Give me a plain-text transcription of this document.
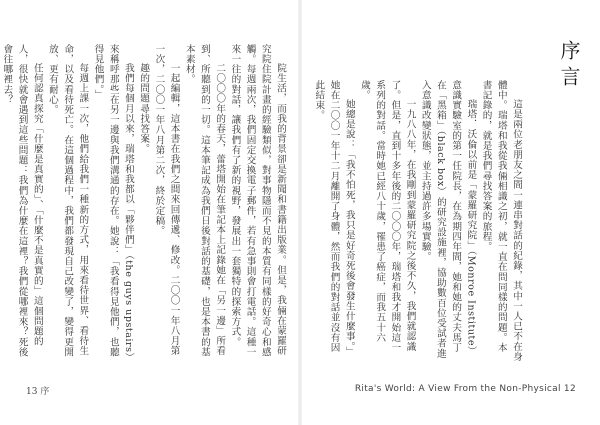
院生活，而我的背景卻是新聞和書籍出版業。但是，我倆在蒙羅研究院住院計畫的經驗類似，對事物隱而不見的本質有同樣的好奇心和感觸。每週兩次，我們固定交換電子郵件，若有急事則會打電話。這種一來一往的對話，讓我們有了新的視野，發展出一套獨特的探索方式。

二〇〇〇年的春天，蕾塔開始在筆記本上記錄她在「另一邊」所看到、所聽到的一切。這本筆記成為我們日後對話的基礎，也是本書的基本素材。

一起編輯，這本書在我們之間來回傳遞、修改。二〇〇一年八月第一次，二〇〇一年八月第二次，終於定稿。

趣的問題尋找答案。

我們每個月以來，瑞塔和我都以「夥伴們」（the guys upstairs）來稱呼那些在另一邊與我們溝通的存在。她說：「我看得見他們，也聽得見他們。」

每週上課一次，他們給我們一種新的方式，用來看待世界、看待生命，以及看待死亡。在這個過程中，我們都發現自己改變了，變得更開放、更有耐心。

任何認真探究「什麼是真實的」、「什麼不是真實的」這個問題的人，很快就會遇到這些問題：我們為什麼在這裡？我們從哪裡來？死後會往哪裡去？

13 序
序言

這是兩位老朋友之間一連串對話的紀錄，其中一人已不在身體中。瑞塔和我從我倆相識之初，就一直在問同樣的問題。本書記錄的，就是我們尋找答案的旅程。

瑞塔．沃倫以前是「蒙羅研究院」（Monroe Institute）意識實驗室的第一任院長，在為期四年間，她和她的丈夫馬丁在「黑箱」（black box）的研究設施裡，協助數百位受試者進入意識改變狀態，並主持過許多場實驗。

一九八八年，在我剛到蒙羅研究院之後不久，我們就認識了。但是，直到十多年後的二〇〇〇年，瑞塔和我才開始這一系列的對話。當時她已經八十歲，罹患了癌症，而我五十六歲。

她總是說：「我不怕死，我只是好奇死後會發生什麼事。」她在二〇〇一年十二月離開了身體，然而我們的對話並沒有因此結束。

Rita's World: A View From the Non-Physical 12
